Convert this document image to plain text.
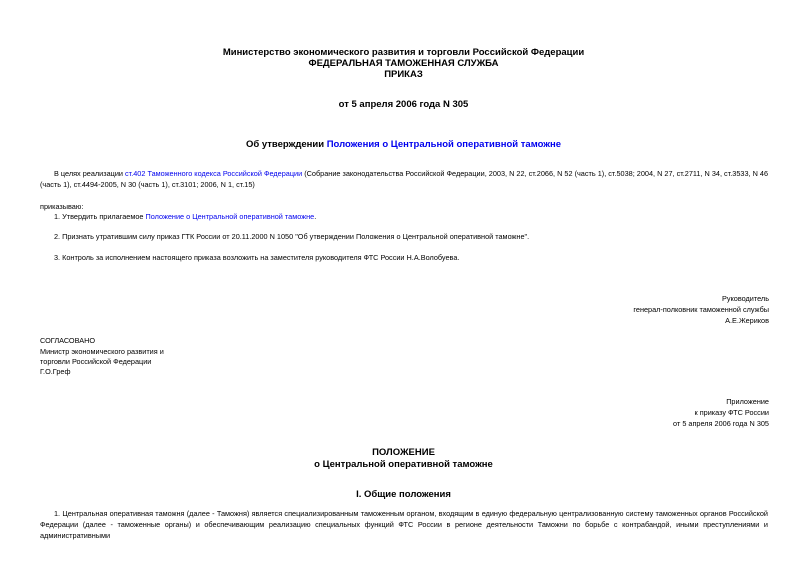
Министерство экономического развития и торговли Российской Федерации
ФЕДЕРАЛЬНАЯ ТАМОЖЕННАЯ СЛУЖБА
ПРИКАЗ
от 5 апреля 2006 года N 305
Об утверждении Положения о Центральной оперативной таможне
В целях реализации ст.402 Таможенного кодекса Российской Федерации (Собрание законодательства Российской Федерации, 2003, N 22, ст.2066, N 52 (часть 1), ст.5038; 2004, N 27, ст.2711, N 34, ст.3533, N 46 (часть 1), ст.4494-2005, N 30 (часть 1), ст.3101; 2006, N 1, ст.15)
приказываю:
1. Утвердить прилагаемое Положение о Центральной оперативной таможне.
2. Признать утратившим силу приказ ГТК России от 20.11.2000 N 1050 "Об утверждении Положения о Центральной оперативной таможне".
3. Контроль за исполнением настоящего приказа возложить на заместителя руководителя ФТС России Н.А.Волобуева.
Руководитель
генерал-полковник таможенной службы
А.Е.Жериков
СОГЛАСОВАНО
Министр экономического развития и
торговли Российской Федерации
Г.О.Греф
Приложение
к приказу ФТС России
от 5 апреля 2006 года N 305
ПОЛОЖЕНИЕ
о Центральной оперативной таможне
I. Общие положения
1. Центральная оперативная таможня (далее - Таможня) является специализированным таможенным органом, входящим в единую федеральную централизованную систему таможенных органов Российской Федерации (далее - таможенные органы) и обеспечивающим реализацию специальных функций ФТС России в регионе деятельности Таможни по борьбе с контрабандой, иными преступлениями и административными
